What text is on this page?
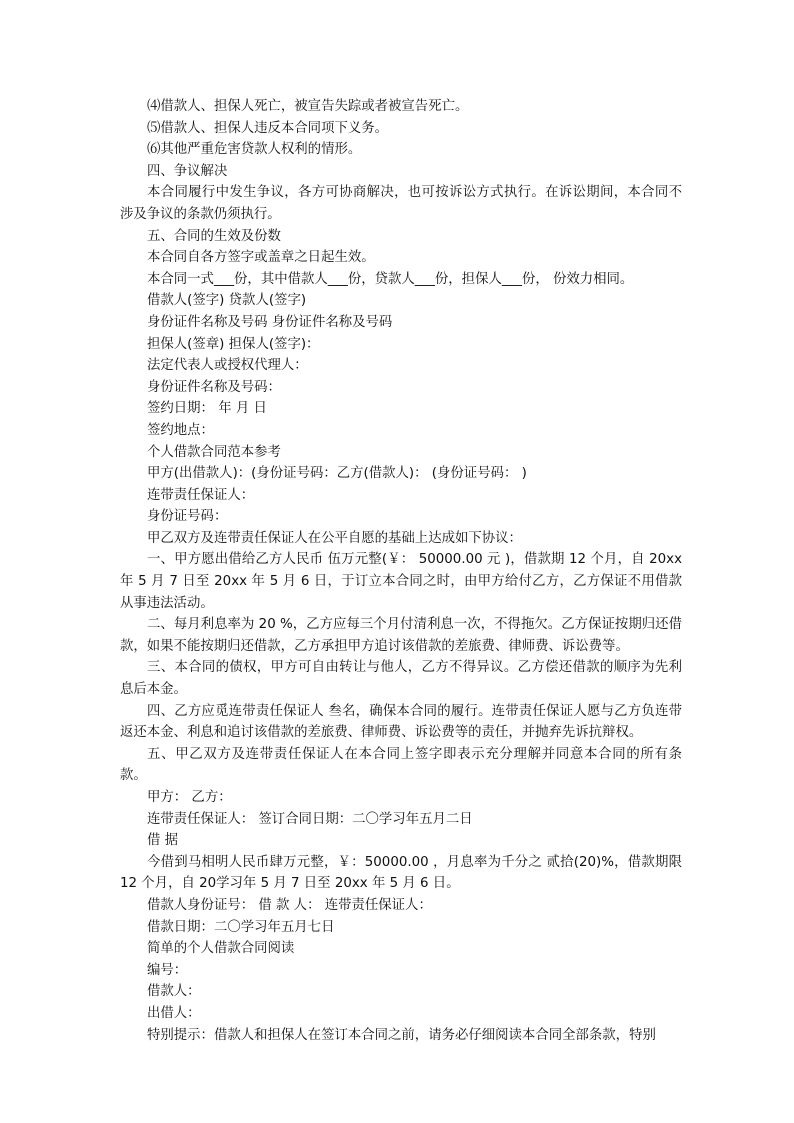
⑷借款人、担保人死亡，被宣告失踪或者被宣告死亡。

⑸借款人、担保人违反本合同项下义务。

⑹其他严重危害贷款人权利的情形。

四、争议解决

本合同履行中发生争议，各方可协商解决，也可按诉讼方式执行。在诉讼期间，本合同不涉及争议的条款仍须执行。

五、合同的生效及份数

本合同自各方签字或盖章之日起生效。

本合同一式___份，其中借款人___份，贷款人___份，担保人___份， 份效力相同。

借款人(签字) 贷款人(签字)

身份证件名称及号码 身份证件名称及号码

担保人(签章) 担保人(签字)：

法定代表人或授权代理人：

身份证件名称及号码：

签约日期： 年 月 日

签约地点：

个人借款合同范本参考

甲方(出借款人)：(身份证号码：乙方(借款人)： (身份证号码： )

连带责任保证人：

身份证号码：

甲乙双方及连带责任保证人在公平自愿的基础上达成如下协议：

一、甲方愿出借给乙方人民币 伍万元整(￥： 50000.00 元 )，借款期 12 个月，自 20xx 年 5 月 7 日至 20xx 年 5 月 6 日，于订立本合同之时，由甲方给付乙方，乙方保证不用借款从事违法活动。

二、每月利息率为 20 %，乙方应每三个月付清利息一次，不得拖欠。乙方保证按期归还借款，如果不能按期归还借款，乙方承担甲方追讨该借款的差旅费、律师费、诉讼费等。

三、本合同的债权，甲方可自由转让与他人，乙方不得异议。乙方偿还借款的顺序为先利息后本金。

四、乙方应觅连带责任保证人 叁名，确保本合同的履行。连带责任保证人愿与乙方负连带返还本金、利息和追讨该借款的差旅费、律师费、诉讼费等的责任，并抛弃先诉抗辩权。

五、甲乙双方及连带责任保证人在本合同上签字即表示充分理解并同意本合同的所有条款。

甲方： 乙方：

连带责任保证人： 签订合同日期：二〇学习年五月二日

借 据

今借到马相明人民币肆万元整，￥：50000.00 ，月息率为千分之 贰拾(20)%，借款期限 12 个月，自 20学习年 5 月 7 日至 20xx 年 5 月 6 日。

借款人身份证号： 借 款 人： 连带责任保证人：

借款日期：二〇学习年五月七日

简单的个人借款合同阅读

编号：

借款人：

出借人：

特别提示：借款人和担保人在签订本合同之前，请务必仔细阅读本合同全部条款，特别
